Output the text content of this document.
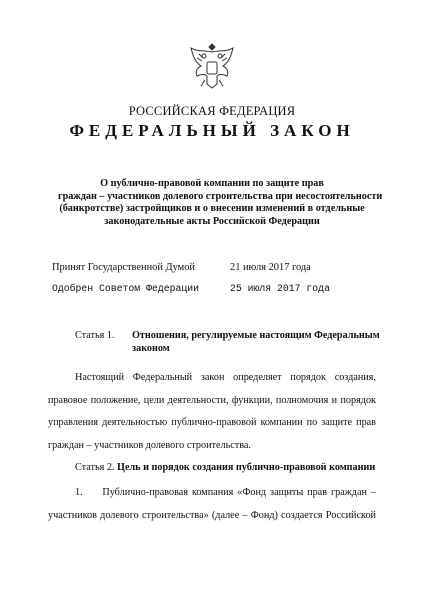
РОССИЙСКАЯ ФЕДЕРАЦИЯ
ФЕДЕРАЛЬНЫЙ ЗАКОН
О публично-правовой компании по защите прав
граждан – участников долевого строительства при несостоятельности
(банкротстве) застройщиков и о внесении изменений в отдельные
законодательные акты Российской Федерации
Принят Государственной Думой	21 июля 2017 года
Одобрен Советом Федерации	25 июля 2017 года
Статья 1. Отношения, регулируемые настоящим Федеральным
законом
Настоящий Федеральный закон определяет порядок создания,
правовое положение, цели деятельности, функции, полномочия и порядок
управления деятельностью публично-правовой компании по защите прав
граждан – участников долевого строительства.
Статья 2. Цель и порядок создания публично-правовой компании
1.     Публично-правовая компания «Фонд защиты прав граждан –
участников долевого строительства» (далее – Фонд) создается Российской
